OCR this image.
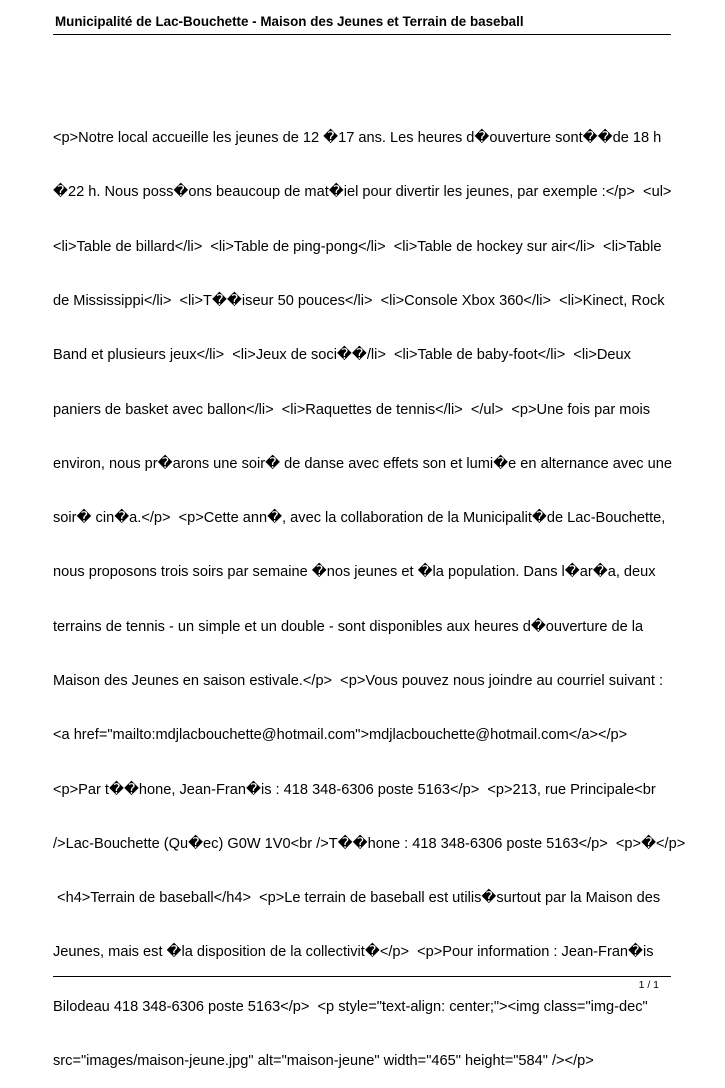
Municipalité de Lac-Bouchette - Maison des Jeunes et Terrain de baseball

<p>Notre local accueille les jeunes de 12 �17 ans. Les heures d�ouverture sont��de 18 h

�22 h. Nous poss�ons beaucoup de mat�iel pour divertir les jeunes, par exemple :</p>  <ul>

<li>Table de billard</li>  <li>Table de ping-pong</li>  <li>Table de hockey sur air</li>  <li>Table

de Mississippi</li>  <li>T��iseur 50 pouces</li>  <li>Console Xbox 360</li>  <li>Kinect, Rock

Band et plusieurs jeux</li>  <li>Jeux de soci��/li>  <li>Table de baby-foot</li>  <li>Deux

paniers de basket avec ballon</li>  <li>Raquettes de tennis</li>  </ul>  <p>Une fois par mois

environ, nous pr�arons une soir� de danse avec effets son et lumi�e en alternance avec une

soir� cin�a.</p>  <p>Cette ann�, avec la collaboration de la Municipalit�de Lac-Bouchette,

nous proposons trois soirs par semaine �nos jeunes et �la population. Dans l�ar�a, deux

terrains de tennis - un simple et un double - sont disponibles aux heures d�ouverture de la

Maison des Jeunes en saison estivale.</p>  <p>Vous pouvez nous joindre au courriel suivant :

<a href="mailto:mdjlacbouchette@hotmail.com">mdjlacbouchette@hotmail.com</a></p>

<p>Par t��hone, Jean-Fran�is : 418 348-6306 poste 5163</p>  <p>213, rue Principale<br

/>Lac-Bouchette (Qu�ec) G0W 1V0<br />T��hone : 418 348-6306 poste 5163</p>  <p>�</p>

<h4>Terrain de baseball</h4>  <p>Le terrain de baseball est utilis�surtout par la Maison des

Jeunes, mais est �la disposition de la collectivit�</p>  <p>Pour information : Jean-Fran�is

Bilodeau 418 348-6306 poste 5163</p>  <p style="text-align: center;"><img class="img-dec"

src="images/maison-jeune.jpg" alt="maison-jeune" width="465" height="584" /></p>

1 / 1
